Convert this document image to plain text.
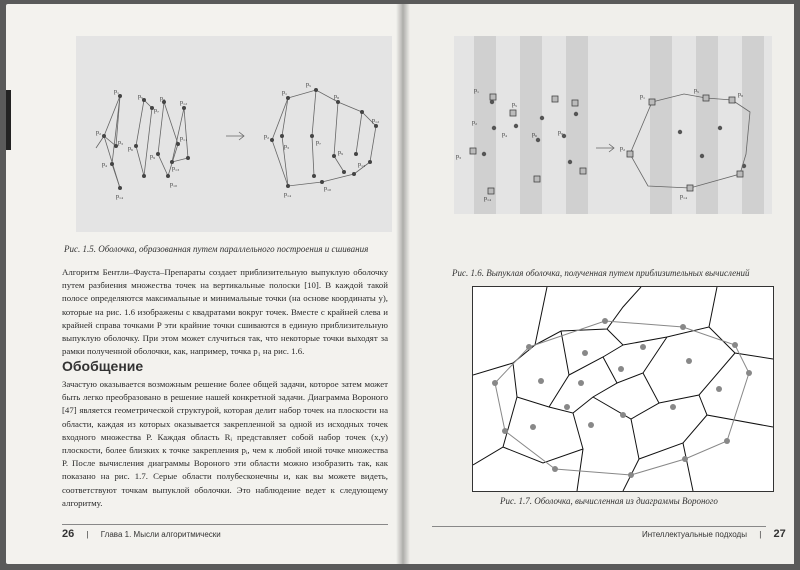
p₁
p₂
p₃
p₄
p₅
p₆
p₇
p₈
p₉
p₁₀
p₁₁
p₁₂
p₁₃
p₁₄
p₁
p₂
p₃
p₅
p₇
p₈
p₉
p₁₀
p₁₂
p₁₃
p₁₄
Рис. 1.5. Оболочка, образованная путем параллельного построения и сшивания

Алгоритм Бентли–Фауста–Препараты создает приблизительную выпуклую оболочку путем разбиения множества точек на вертикальные полоски [10]. В каждой такой полосе определяются максимальные и минимальные точки (на основе координаты y), которые на рис. 1.6 изображены с квадратами вокруг точек. Вместе с крайней слева и крайней справа точками P эти крайние точки сшиваются в единую приблизительную выпуклую оболочку. При этом может случиться так, что некоторые точки выходят за рамки полученной оболочки, как, например, точка p₁ на рис. 1.6.

Обобщение

Зачастую оказывается возможным решение более общей задачи, которое затем может быть легко преобразовано в решение нашей конкретной задачи. Диаграмма Вороного [47] является геометрической структурой, которая делит набор точек на плоскости на области, каждая из которых оказывается закрепленной за одной из исходных точек входного множества P. Каждая область Rᵢ представляет собой набор точек (x,y) плоскости, более близких к точке закрепления pᵢ, чем к любой иной точке множества P. После вычисления диаграммы Вороного эти области можно изобразить так, как показано на рис. 1.7. Серые области полубесконечны и, как вы можете видеть, соответствуют точкам выпуклой оболочки. Это наблюдение ведет к следующему алгоритму.

26 | Глава 1. Мысли алгоритмически
p₁
p₂
p₃
p₄
p₅
p₆	p₈
p₁₄
p₁
p₂
p₅
p₈
p₁₄
Рис. 1.6. Выпуклая оболочка, полученная путем приблизительных вычислений
Рис. 1.7. Оболочка, вычисленная из диаграммы Вороного
Интеллектуальные подходы | 27
